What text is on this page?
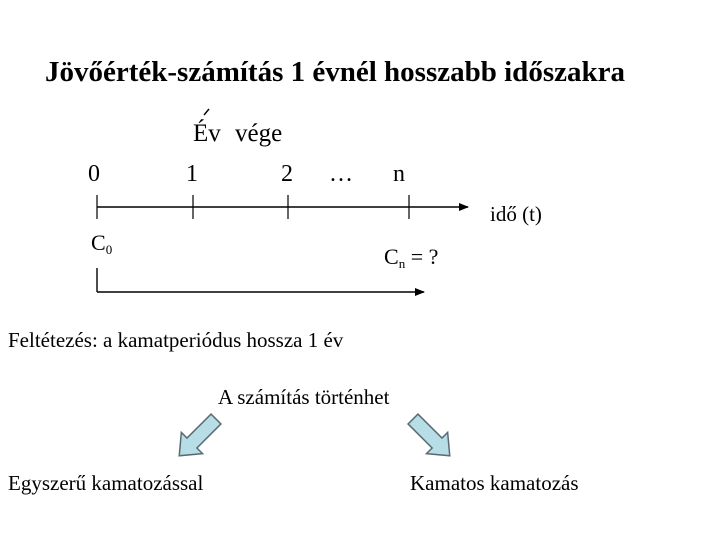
Jövőérték-számítás 1 évnél hosszabb időszakra
Év vége
0	1	2 … n
idő (t)
$C_0$	$C_n$ = ?
Feltétezés: a kamatperiódus hossza 1 év
A számítás történhet
Egyszerű kamatozással	Kamatos kamatozás
